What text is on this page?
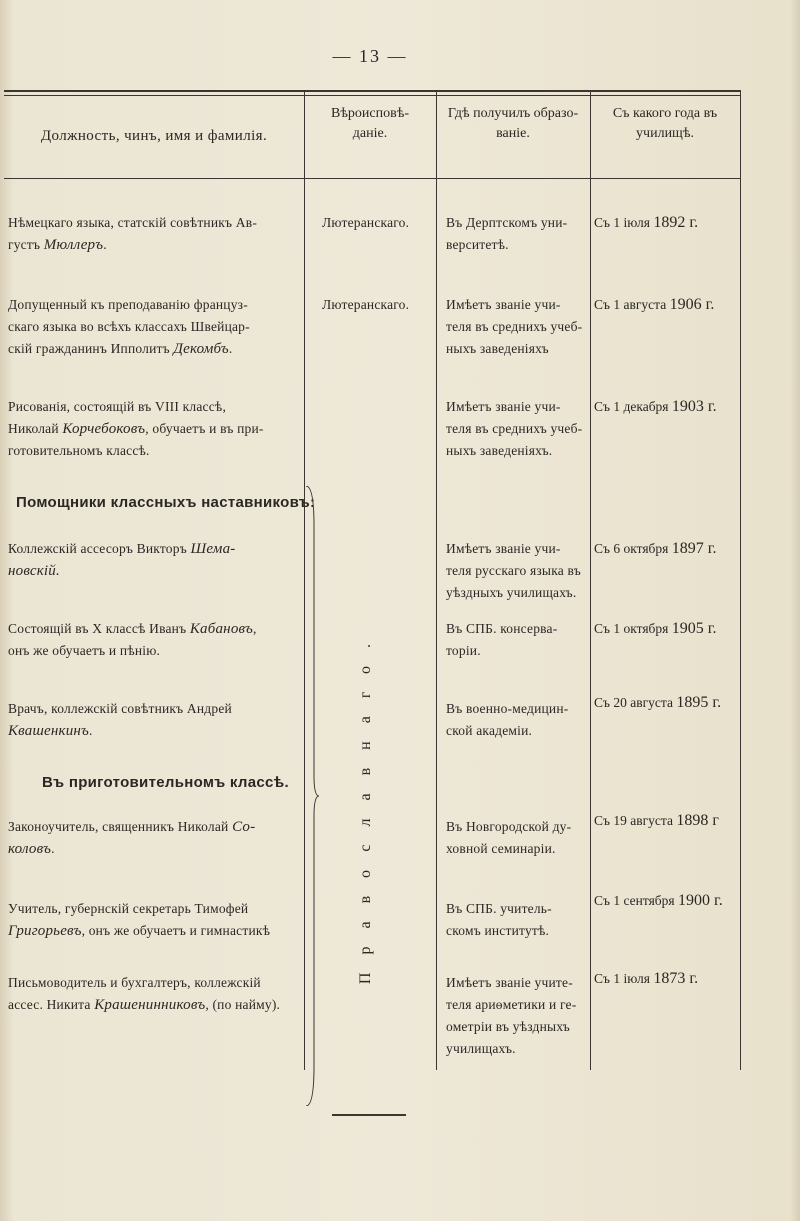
— 13 —
Должность, чинъ, имя и фамилія.
Вѣроисповѣ-
даніе.
Гдѣ получилъ образо-
ваніе.
Съ какого года въ
училищѣ.
Нѣмецкаго языка, статскій совѣтникъ Ав-
густъ Мюллеръ.
Лютеранскаго.	Въ Дерптскомъ уни-
верситетѣ.
Съ 1 іюля 1892 г.
Допущенный къ преподаванію француз-
скаго языка во всѣхъ классахъ Швейцар-
скій гражданинъ Ипполитъ Декомбъ.
Лютеранскаго.	Имѣетъ званіе учи-
теля въ среднихъ учеб-
ныхъ заведеніяхъ
Съ 1 августа 1906 г.
Рисованія, состоящій въ VIII классѣ,
Николай Корчебоковъ, обучаетъ и въ при-
готовительномъ классѣ.
Имѣетъ званіе учи-
теля въ среднихъ учеб-
ныхъ заведеніяхъ.
Съ 1 декабря 1903 г.
Помощники классныхъ наставниковъ:
Коллежскій ассесоръ Викторъ Шема-
новскій.
Имѣетъ званіе учи-
теля русскаго языка въ
уѣздныхъ училищахъ.
Съ 6 октября 1897 г.
Состоящій въ X классѣ Иванъ Кабановъ,
онъ же обучаетъ и пѣнію.
Въ СПБ. консерва-
торіи.
Съ 1 октября 1905 г.
Врачъ, коллежскій совѣтникъ Андрей
Квашенкинъ.
Въ военно-медицин-
ской академіи.
Съ 20 августа 1895 г.
Въ приготовительномъ классѣ.
Законоучитель, священникъ Николай Со-
коловъ.
Въ Новгородской ду-
ховной семинаріи.
Съ 19 августа 1898 г
Учитель, губернскій секретарь Тимофей
Григорьевъ, онъ же обучаетъ и гимнастикѣ
Въ СПБ. учитель-
скомъ институтѣ.
Съ 1 сентября 1900 г.
Письмоводитель и бухгалтеръ, коллежскій
ассес. Никита Крашенинниковъ, (по найму).
Имѣетъ званіе учите-
теля ариѳметики и ге-
ометріи въ уѣздныхъ
училищахъ.
Съ 1 іюля 1873 г.
Православнаго.
